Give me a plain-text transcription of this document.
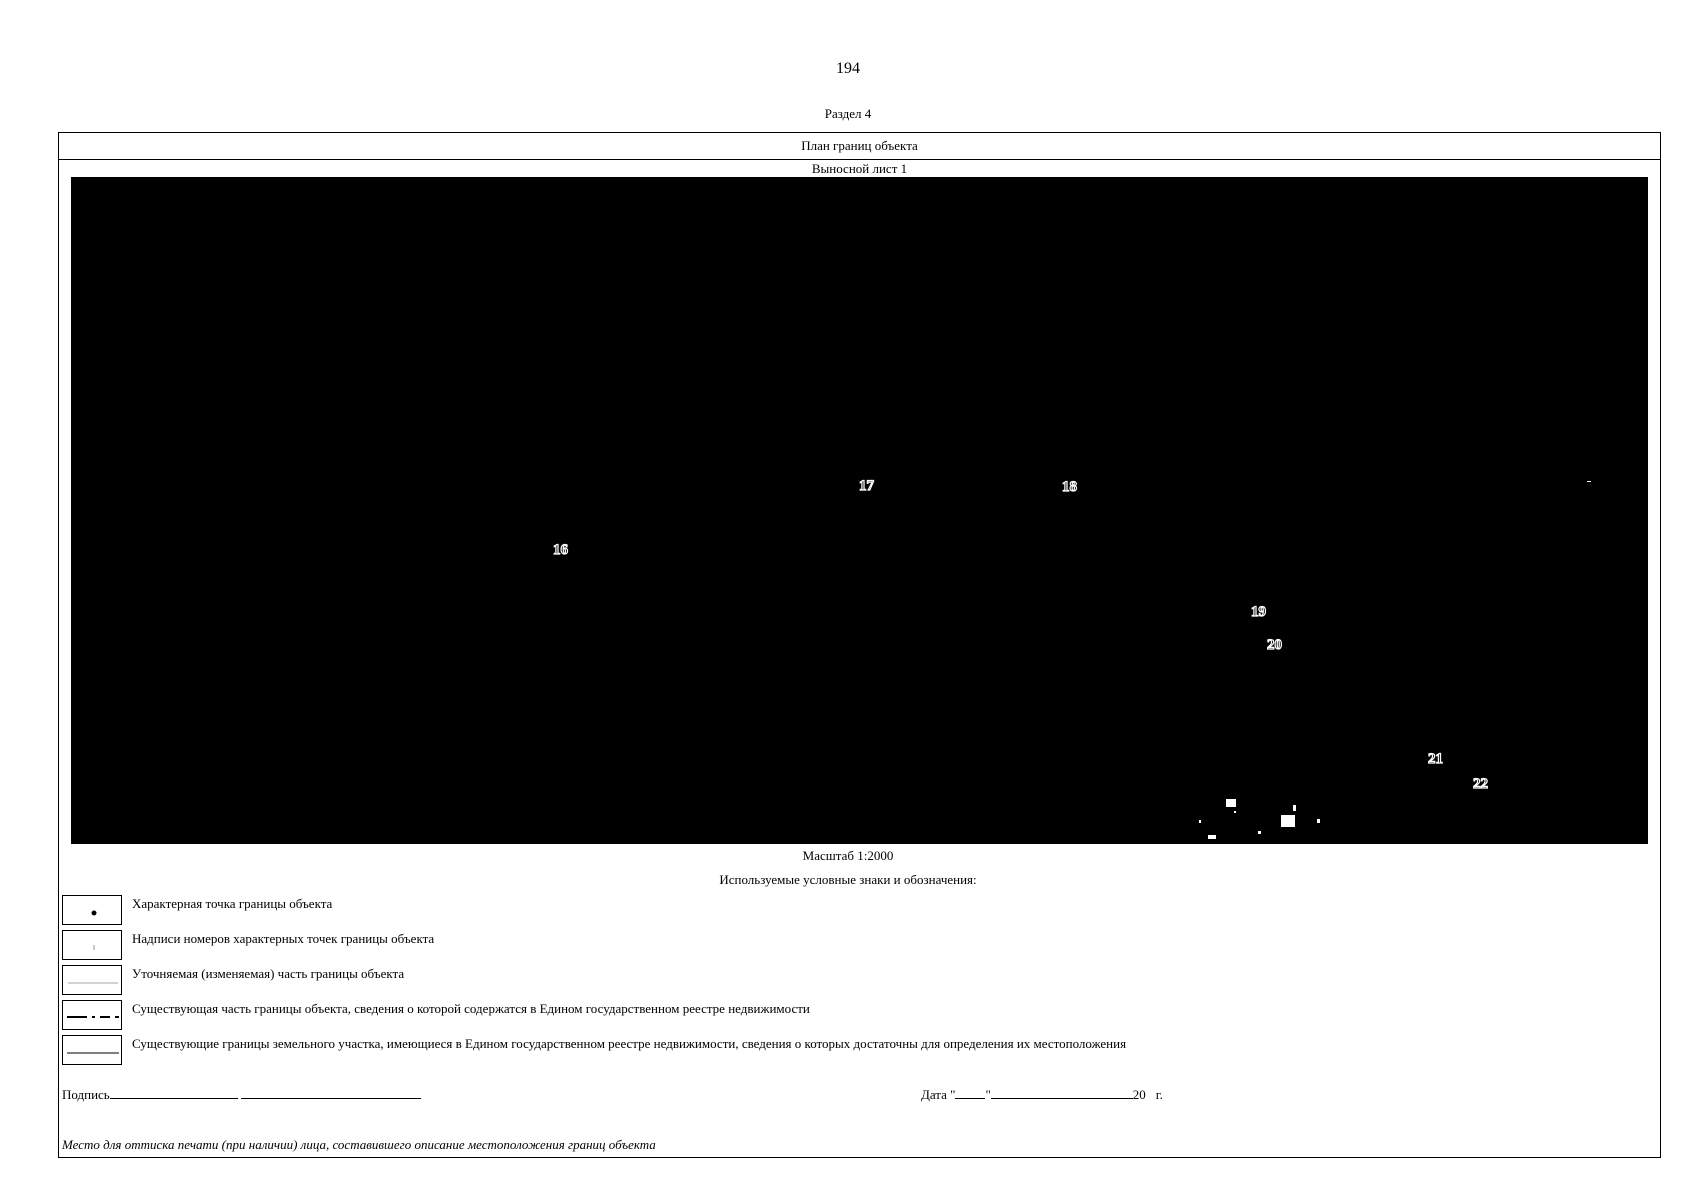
194
Раздел 4
План границ объекта
Выносной лист 1
16
17	18
19
20
21
22
Масштаб 1:2000
Используемые условные знаки и обозначения:
Характерная точка границы объекта
Надписи номеров характерных точек границы объекта
Уточняемая (изменяемая) часть границы объекта
Существующая часть границы объекта, сведения о которой содержатся в Едином государственном реестре недвижимости
Существующие границы земельного участка, имеющиеся в Едином государственном реестре недвижимости, сведения о которых достаточны для определения их местоположения
Подпись	Дата " "	20 г.
Место для оттиска печати (при наличии) лица, составившего описание местоположения границ объекта
